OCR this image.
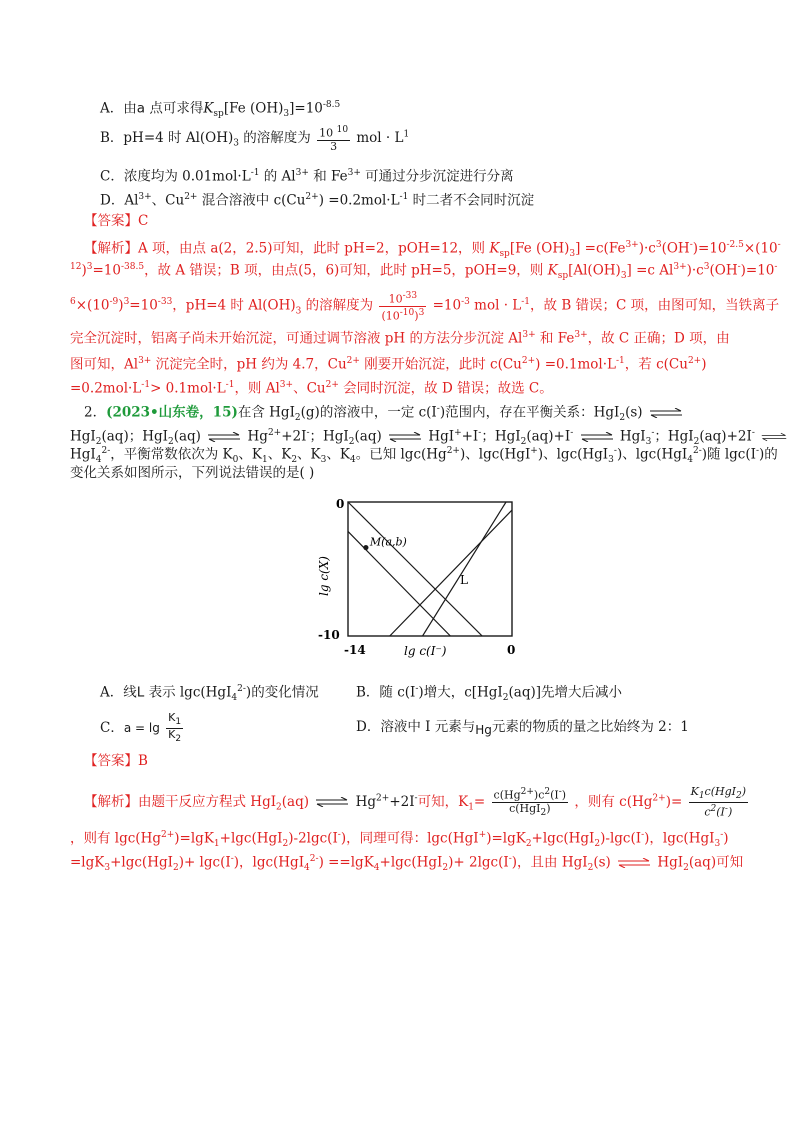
A．由a 点可求得$K_{sp}[Fe$ $(OH)_3]=10^{-8.5}$
B．pH=4 时 $Al(OH)_3$ 的溶解度为 $\frac{10 ^{10}}{3}$ mol · $L^1$
C．浓度均为 $0.01mol\cdot L^{-1}$ 的 $Al^{3+}$ 和 $Fe^{3+}$ 可通过分步沉淀进行分离
D．$Al^{3+}$、$Cu^{2+}$ 混合溶液中 $c(Cu^{2+}) =0.2mol\cdot L^{-1}$ 时二者不会同时沉淀
【答案】C
【解析】A 项，由点 a(2，2.5)可知，此时 pH=2，pOH=12，则 $K_{sp}[Fe$ $(OH)_3] =c(Fe^{3+})\cdot c^3(OH^-)=10^{-2.5}\times(10^-$
$^{12})^3=10^{-38.5}$，故 A 错误；B 项，由点(5，6)可知，此时 pH=5，pOH=9，则 $K_{sp}[Al(OH)_3] =c$ $Al^{3+})\cdot c^3(OH^-)=10^-$
$^6\times(10^{-9})^3=10^{-33}$，pH=4 时 $Al(OH)_3$ 的溶解度为 $\frac{10^{-33}}{(10^{-10})^3} =10^{-3}$ mol · $L^{-1}$，故 B 错误；C 项，由图可知，当铁离子
完全沉淀时，铝离子尚未开始沉淀，可通过调节溶液 pH 的方法分步沉淀 $Al^{3+}$ 和 $Fe^{3+}$，故 C 正确；D 项，由
图可知，$Al^{3+}$ 沉淀完全时，pH 约为 4.7，$Cu^{2+}$ 刚要开始沉淀，此时 $c(Cu^{2+}) =0.1mol\cdot L^{-1}$，若 $c(Cu^{2+})$
$=0.2mol\cdot L^{-1}> 0.1mol\cdot L^{-1}$，则 $Al^{3+}$、$Cu^{2+}$ 会同时沉淀，故 D 错误；故选 C。
2．(2023•山东卷，15)在含 HgI$_2$(g)的溶液中，一定 c(I-)范围内，存在平衡关系：HgI$_2$(s) ⇌
HgI$_2$(aq)；HgI$_2$(aq) ⇌ $Hg^{2+}+2I^-$；HgI$_2$(aq) ⇌ HgI++I-；HgI$_2$(aq)+I- ⇌ HgI$_3$-；HgI$_2$(aq)+2I- ⇌
HgI$_4^{2-}$，平衡常数依次为 $K_0$、$K_1$、$K_2$、$K_3$、$K_4$。已知 $\lg c(Hg^{2+})$、lgc(HgI+)、lgc(HgI$_3$-)、lgc(HgI$_4^{2-}$)随 lgc(I-)的
变化关系如图所示，下列说法错误的是( )
M(a,b)
L
0
-10
-14	0
lg c(I⁻)
lg c(X)
A．线L 表示 lgc(HgI$_4^{2-}$)的变化情况	B．随 c(I-)增大，c[HgI$_2$(aq)]先增大后减小
C．$a = \lg \frac{K_1}{K_2}$	D．溶液中 I 元素与Hg元素的物质的量之比始终为 2：1
【答案】B
【解析】由题干反应方程式 HgI$_2$(aq) ⇌ $Hg^{2+}+2I^-$可知，$K_1= \frac{c(Hg^{2+})c^2(I^-)}{c(HgI_2)}$ ，则有 $c(Hg^{2+})= \frac{K_1c(HgI_2)}{c^2(I^-)}$
，则有 $\lg c(Hg^{2+})=\lg K_1+\lg c(HgI_2)-2\lg c(I^-)$，同理可得：lgc(HgI+)=lgK$_2$+lgc(HgI$_2$)-lgc(I-)，lgc(HgI$_3$-)
=lgK$_3$+lgc(HgI$_2$)+ lgc(I-)，lgc(HgI$_4^{2-}$) ==lgK$_4$+lgc(HgI$_2$)+ 2lgc(I-)，且由 HgI$_2$(s) ⇌ HgI$_2$(aq)可知
